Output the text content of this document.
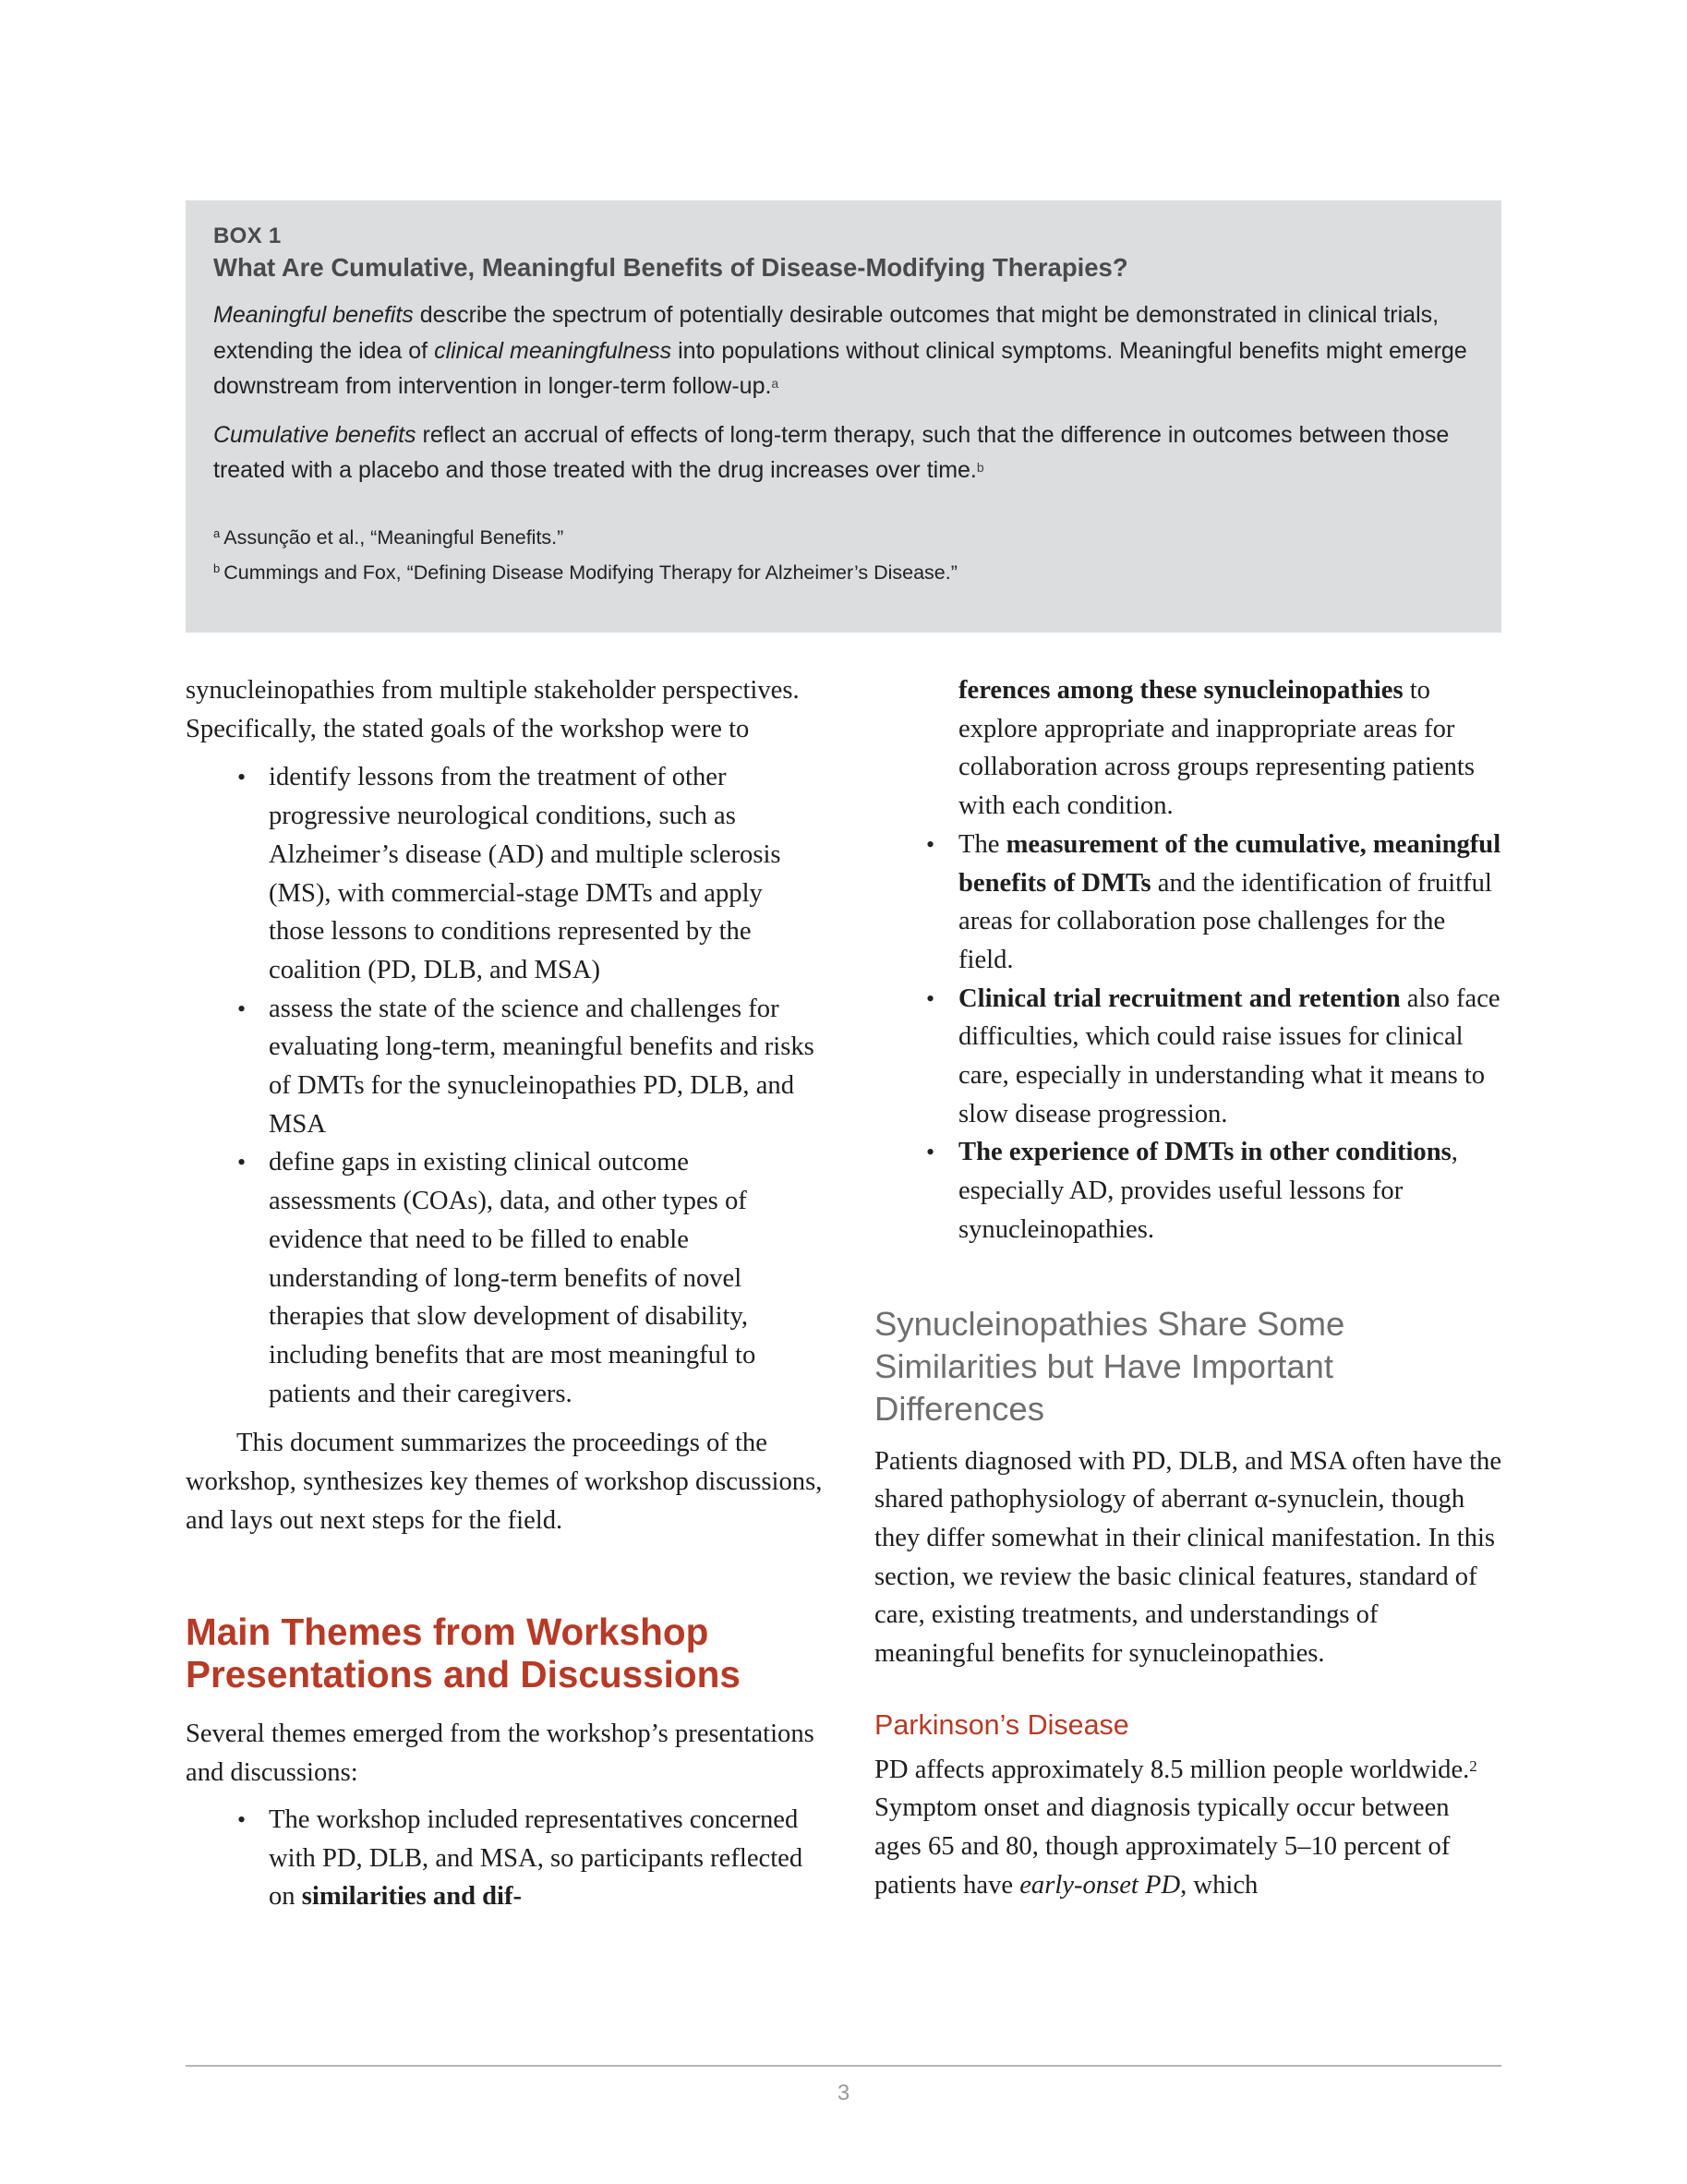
BOX 1
What Are Cumulative, Meaningful Benefits of Disease-Modifying Therapies?

Meaningful benefits describe the spectrum of potentially desirable outcomes that might be demonstrated in clinical trials, extending the idea of clinical meaningfulness into populations without clinical symptoms. Meaningful benefits might emerge downstream from intervention in longer-term follow-up.$^a$

Cumulative benefits reflect an accrual of effects of long-term therapy, such that the difference in outcomes between those treated with a placebo and those treated with the drug increases over time.$^b$

$^a$ Assunção et al., “Meaningful Benefits.”
$^b$ Cummings and Fox, “Defining Disease Modifying Therapy for Alzheimer’s Disease.”

synucleinopathies from multiple stakeholder perspectives. Specifically, the stated goals of the workshop were to

• identify lessons from the treatment of other progressive neurological conditions, such as Alzheimer’s disease (AD) and multiple sclerosis (MS), with commercial-stage DMTs and apply those lessons to conditions represented by the coalition (PD, DLB, and MSA)
• assess the state of the science and challenges for evaluating long-term, meaningful benefits and risks of DMTs for the synucleinopathies PD, DLB, and MSA
• define gaps in existing clinical outcome assessments (COAs), data, and other types of evidence that need to be filled to enable understanding of long-term benefits of novel therapies that slow development of disability, including benefits that are most meaningful to patients and their caregivers.

This document summarizes the proceedings of the workshop, synthesizes key themes of workshop discussions, and lays out next steps for the field.

Main Themes from Workshop Presentations and Discussions

Several themes emerged from the workshop’s presentations and discussions:

• The workshop included representatives concerned with PD, DLB, and MSA, so participants reflected on similarities and dif-

ferences among these synucleinopathies to explore appropriate and inappropriate areas for collaboration across groups representing patients with each condition.

• The measurement of the cumulative, meaningful benefits of DMTs and the identification of fruitful areas for collaboration pose challenges for the field.
• Clinical trial recruitment and retention also face difficulties, which could raise issues for clinical care, especially in understanding what it means to slow disease progression.
• The experience of DMTs in other conditions, especially AD, provides useful lessons for synucleinopathies.
Synucleinopathies Share Some Similarities but Have Important Differences

Patients diagnosed with PD, DLB, and MSA often have the shared pathophysiology of aberrant α-synuclein, though they differ somewhat in their clinical manifestation. In this section, we review the basic clinical features, standard of care, existing treatments, and understandings of meaningful benefits for synucleinopathies.

Parkinson’s Disease

PD affects approximately 8.5 million people worldwide.$^2$ Symptom onset and diagnosis typically occur between ages 65 and 80, though approximately 5–10 percent of patients have early-onset PD, which

3
